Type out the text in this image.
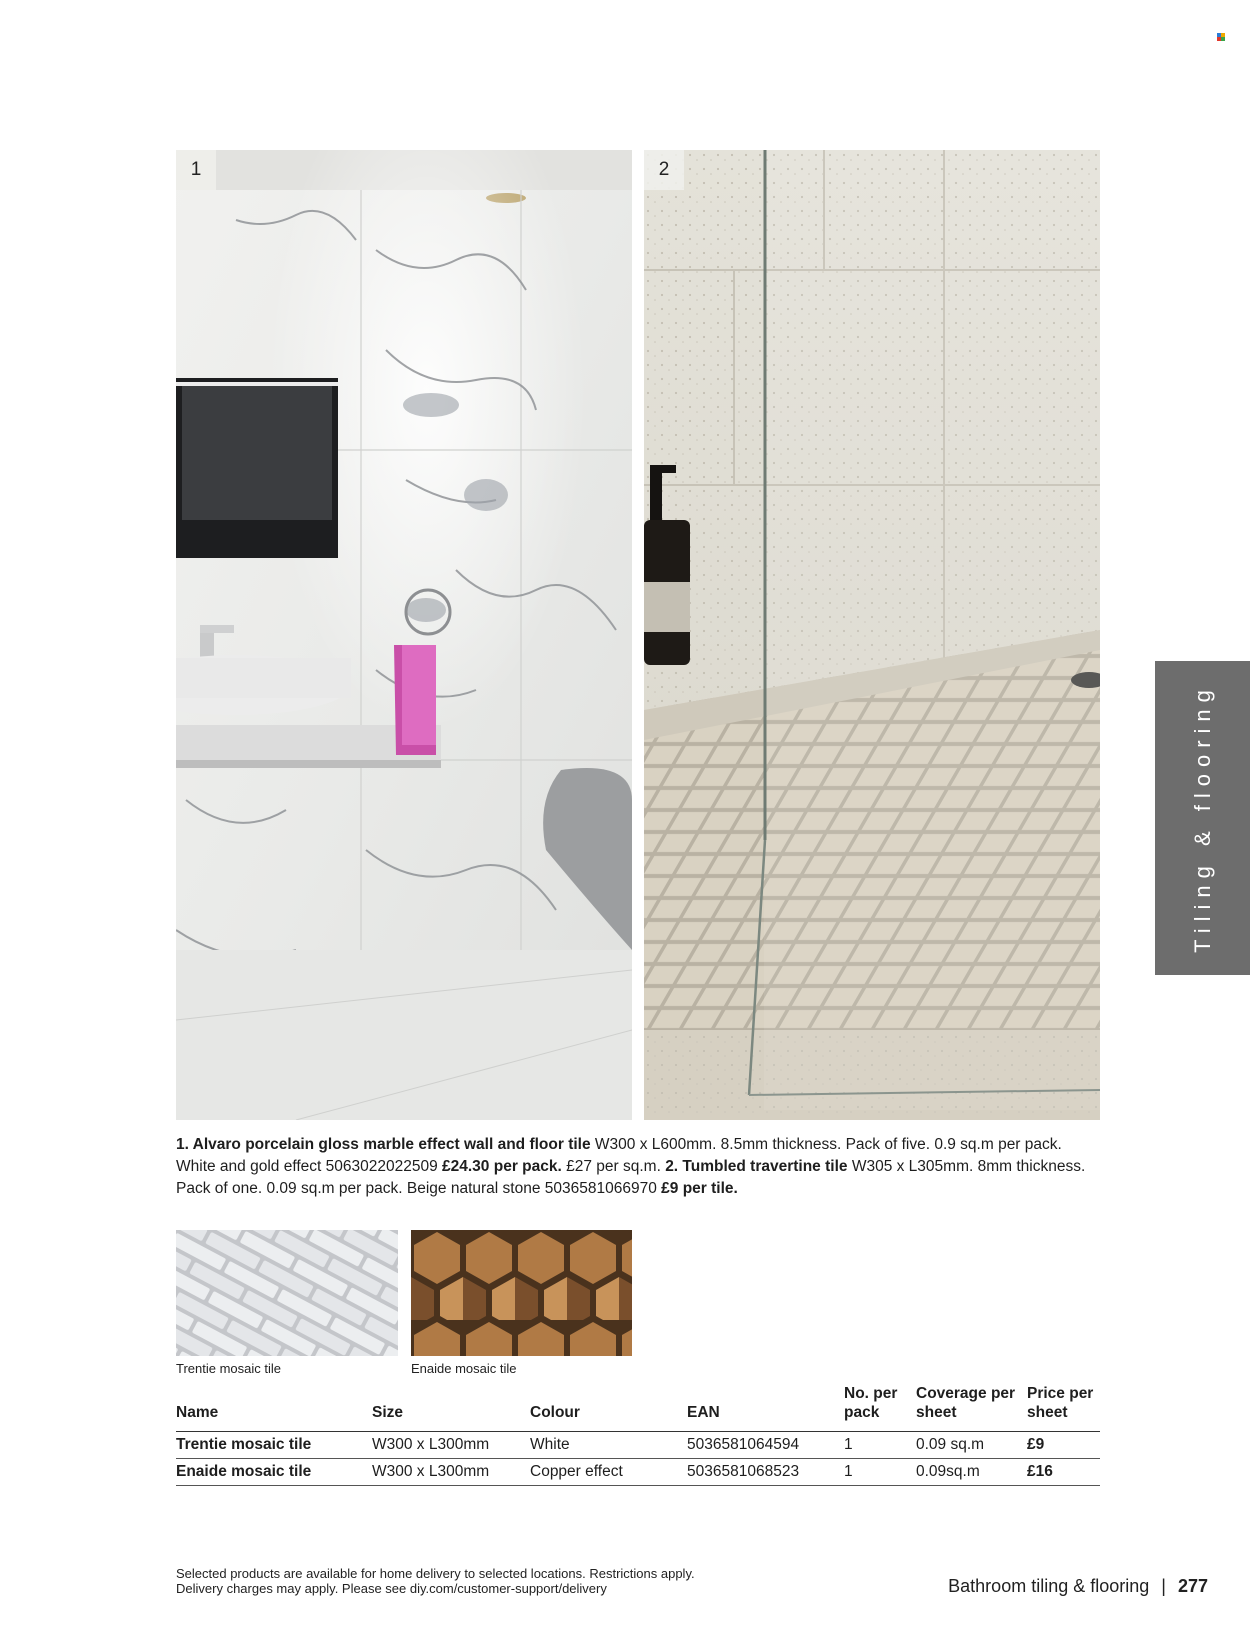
1	2
Tiling & flooring

1. Alvaro porcelain gloss marble effect wall and floor tile W300 x L600mm. 8.5mm thickness. Pack of five. 0.9 sq.m per pack. White and gold effect 5063022022509 £24.30 per pack. £27 per sq.m. 2. Tumbled travertine tile W305 x L305mm. 8mm thickness. Pack of one. 0.09 sq.m per pack. Beige natural stone 5036581066970 £9 per tile.

Trentie mosaic tile	Enaide mosaic tile
Name	Size	Colour	EAN	No. per pack	Coverage per sheet	Price per sheet
Trentie mosaic tile	W300 x L300mm	White	5036581064594	1	0.09 sq.m	£9
Enaide mosaic tile	W300 x L300mm	Copper effect	5036581068523	1	0.09sq.m	£16
Selected products are available for home delivery to selected locations. Restrictions apply.
Delivery charges may apply. Please see diy.com/customer-support/delivery	Bathroom tiling & flooring | 277
